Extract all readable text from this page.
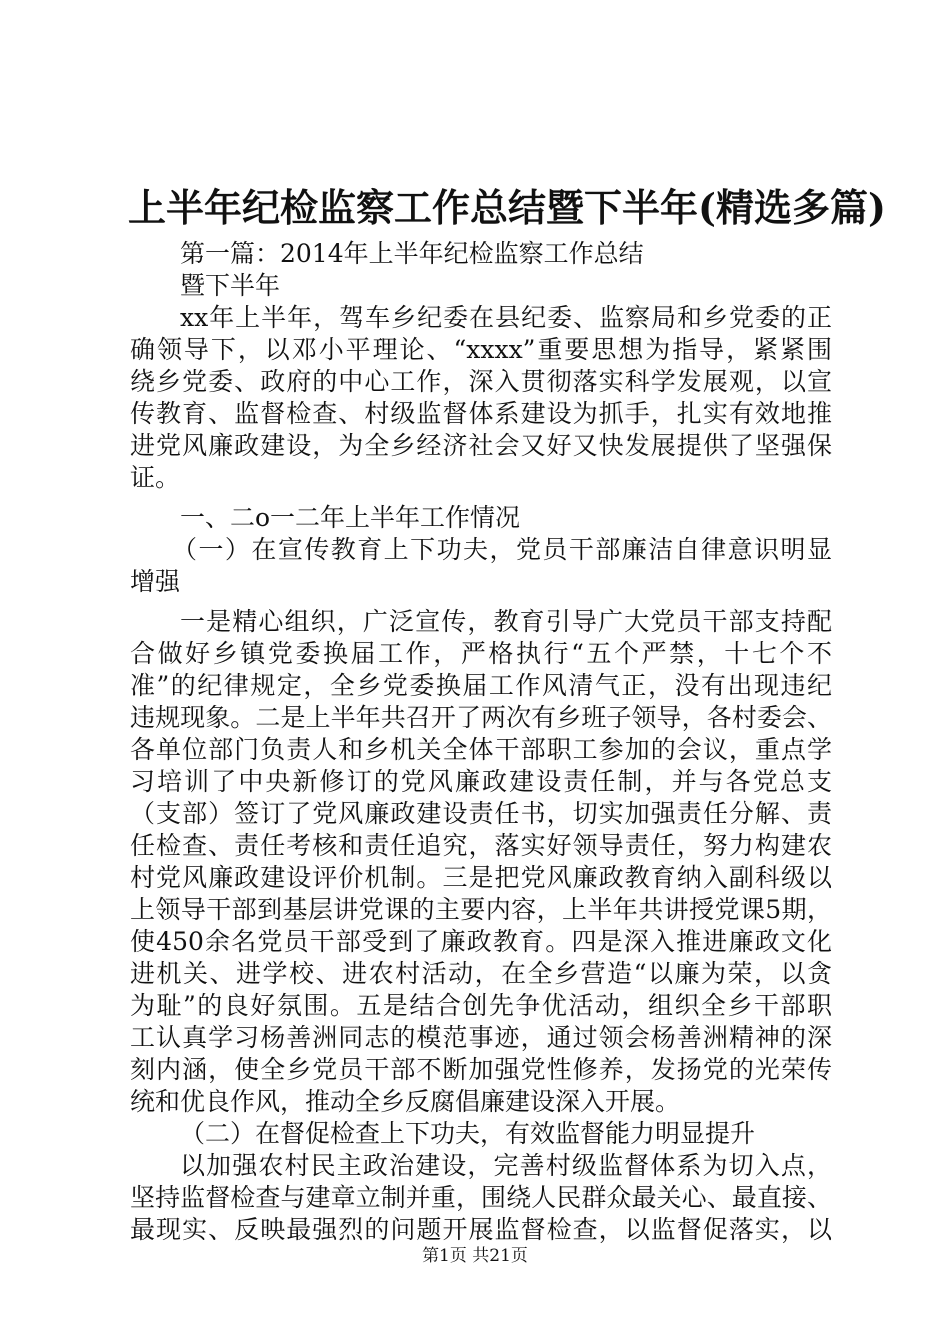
上半年纪检监察工作总结暨下半年(精选多篇)
第一篇：2014年上半年纪检监察工作总结
暨下半年
xx年上半年，驾车乡纪委在县纪委、监察局和乡党委的正
确领导下，以邓小平理论、“xxxx”重要思想为指导，紧紧围
绕乡党委、政府的中心工作，深入贯彻落实科学发展观，以宣
传教育、监督检查、村级监督体系建设为抓手，扎实有效地推
进党风廉政建设，为全乡经济社会又好又快发展提供了坚强保
证。
一、二o一二年上半年工作情况
（一）在宣传教育上下功夫，党员干部廉洁自律意识明显
增强
一是精心组织，广泛宣传，教育引导广大党员干部支持配
合做好乡镇党委换届工作，严格执行“五个严禁，十七个不
准”的纪律规定，全乡党委换届工作风清气正，没有出现违纪
违规现象。二是上半年共召开了两次有乡班子领导，各村委会、
各单位部门负责人和乡机关全体干部职工参加的会议，重点学
习培训了中央新修订的党风廉政建设责任制，并与各党总支
（支部）签订了党风廉政建设责任书，切实加强责任分解、责
任检查、责任考核和责任追究，落实好领导责任，努力构建农
村党风廉政建设评价机制。三是把党风廉政教育纳入副科级以
上领导干部到基层讲党课的主要内容，上半年共讲授党课5期，
使450余名党员干部受到了廉政教育。四是深入推进廉政文化
进机关、进学校、进农村活动，在全乡营造“以廉为荣，以贪
为耻”的良好氛围。五是结合创先争优活动，组织全乡干部职
工认真学习杨善洲同志的模范事迹，通过领会杨善洲精神的深
刻内涵，使全乡党员干部不断加强党性修养，发扬党的光荣传
统和优良作风，推动全乡反腐倡廉建设深入开展。
（二）在督促检查上下功夫，有效监督能力明显提升
以加强农村民主政治建设，完善村级监督体系为切入点，
坚持监督检查与建章立制并重，围绕人民群众最关心、最直接、
最现实、反映最强烈的问题开展监督检查，以监督促落实，以
第1页 共21页
